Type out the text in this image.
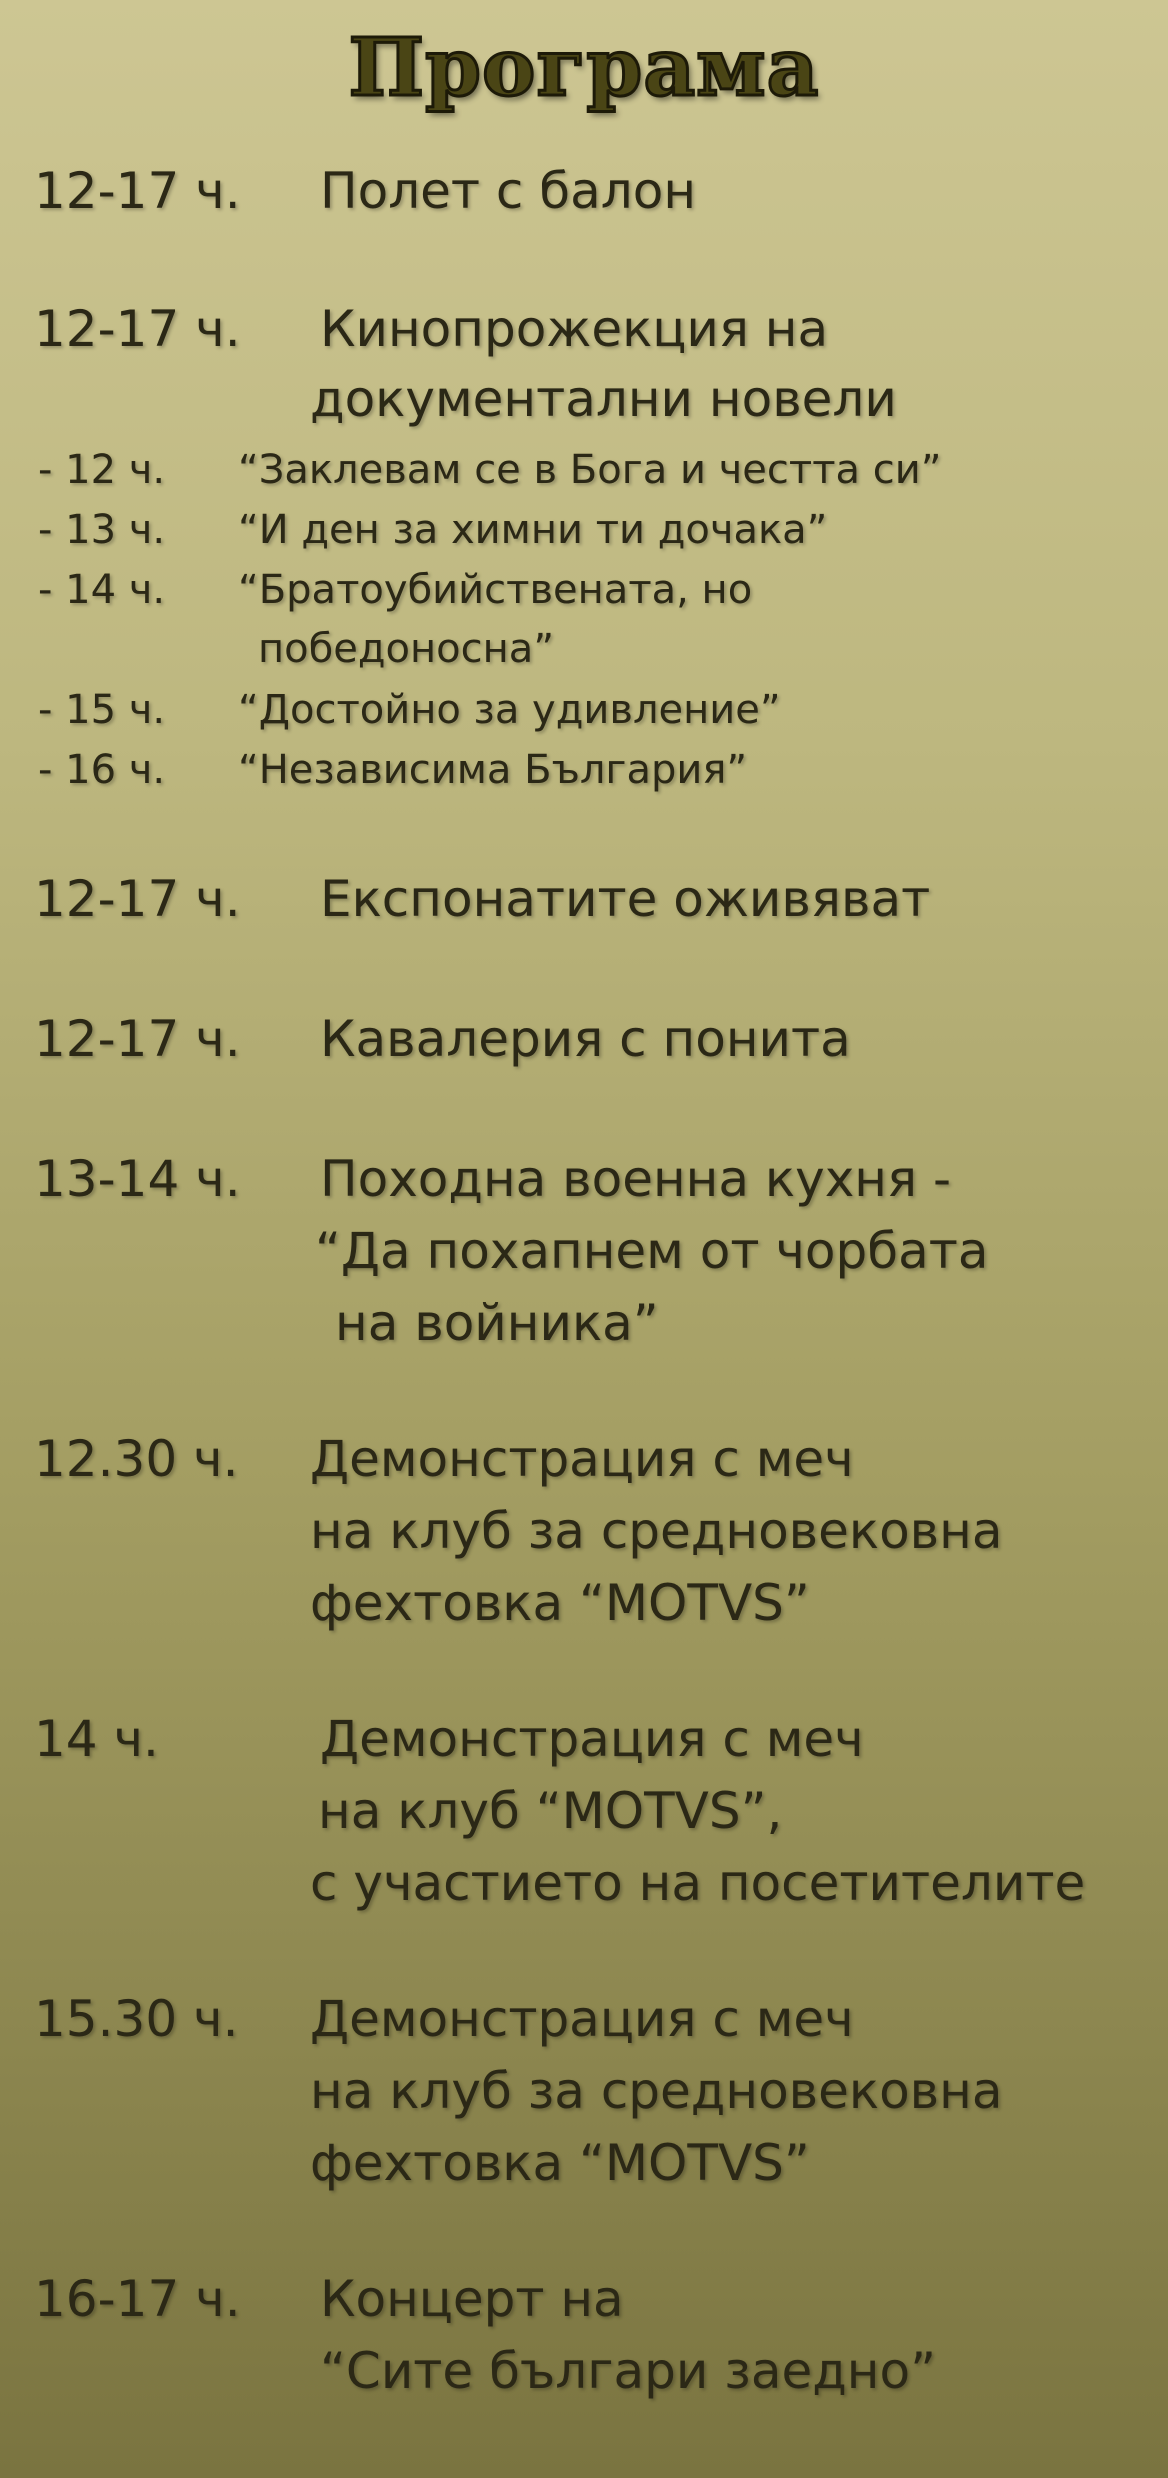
Програма
12-17 ч. Полет с балон
12-17 ч. Кинопрожекция на
документални новели
- 12 ч. “Заклевам се в Бога и честта си”
- 13 ч. “И ден за химни ти дочака”
- 14 ч. “Братоубийствената, но
победоносна”
- 15 ч. “Достойно за удивление”
- 16 ч. “Независима България”
12-17 ч. Експонатите оживяват
12-17 ч. Кавалерия с понита
13-14 ч. Походна военна кухня -
“Да похапнем от чорбата
на войника”
12.30 ч. Демонстрация с меч
на клуб за средновековна
фехтовка “MOTVS”
14 ч.	Демонстрация с меч
на клуб “MOTVS”,
с участието на посетителите
15.30 ч. Демонстрация с меч
на клуб за средновековна
фехтовка “MOTVS”
16-17 ч. Концерт на
“Сите българи заедно”
